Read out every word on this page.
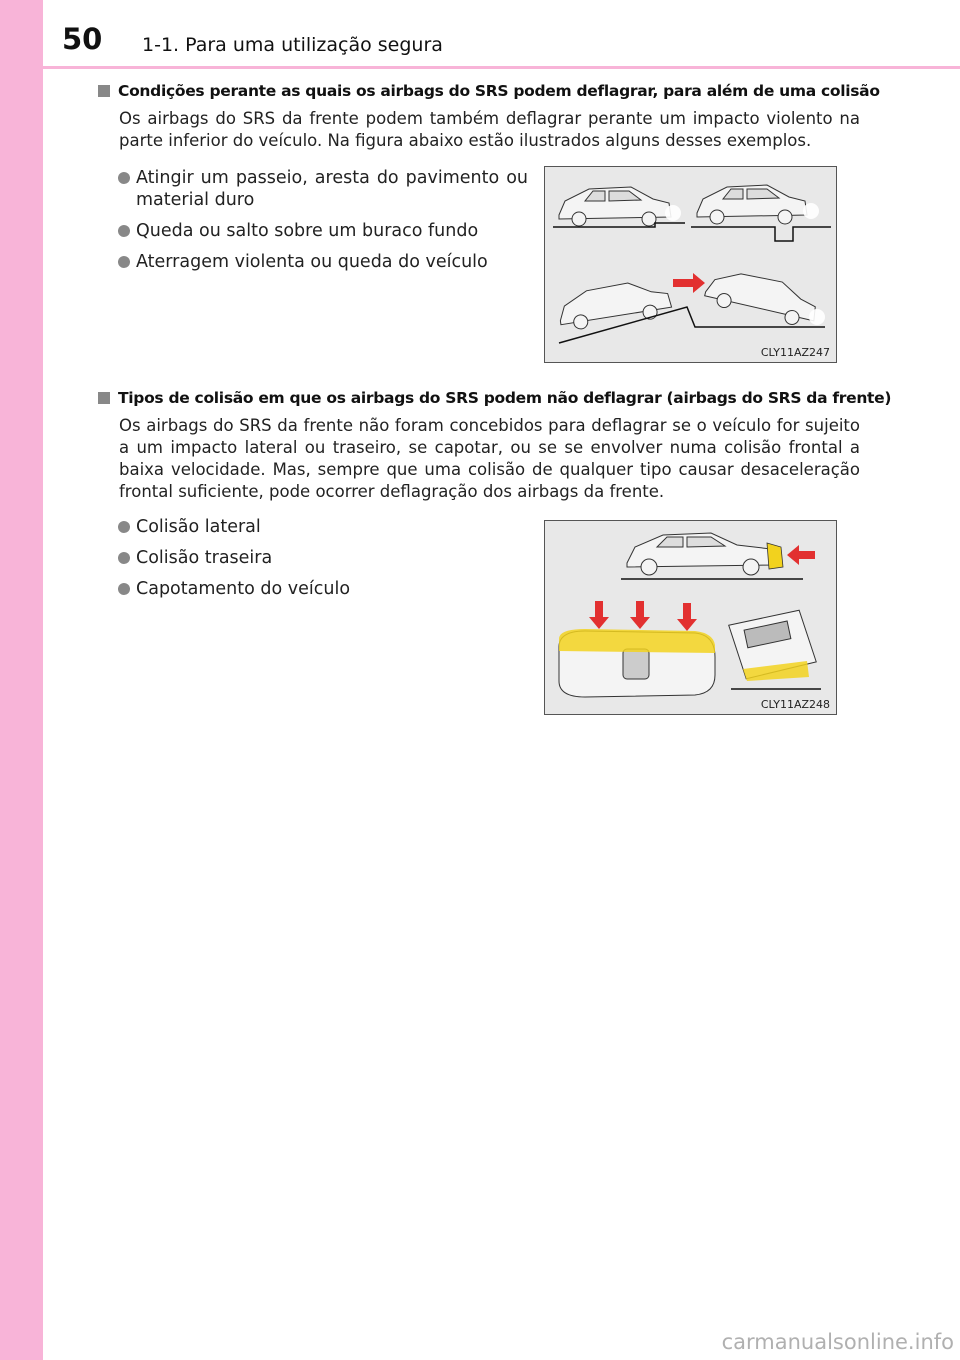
50 1-1. Para uma utilização segura
Condições perante as quais os airbags do SRS podem deflagrar, para além de uma colisão
Os airbags do SRS da frente podem também deflagrar perante um impacto violento na parte inferior do veículo. Na figura abaixo estão ilustrados alguns desses exemplos.
Atingir um passeio, aresta do pavimento ou material duro
Queda ou salto sobre um buraco fundo
Aterragem violenta ou queda do veículo
CLY11AZ247
Tipos de colisão em que os airbags do SRS podem não deflagrar (airbags do SRS da frente)
Os airbags do SRS da frente não foram concebidos para deflagrar se o veículo for sujeito a um impacto lateral ou traseiro, se capotar, ou se se envolver numa colisão frontal a baixa velocidade. Mas, sempre que uma colisão de qualquer tipo causar desaceleração frontal suficiente, pode ocorrer deflagração dos airbags da frente.
Colisão lateral
Colisão traseira
Capotamento do veículo
CLY11AZ248
carmanualsonline.info
